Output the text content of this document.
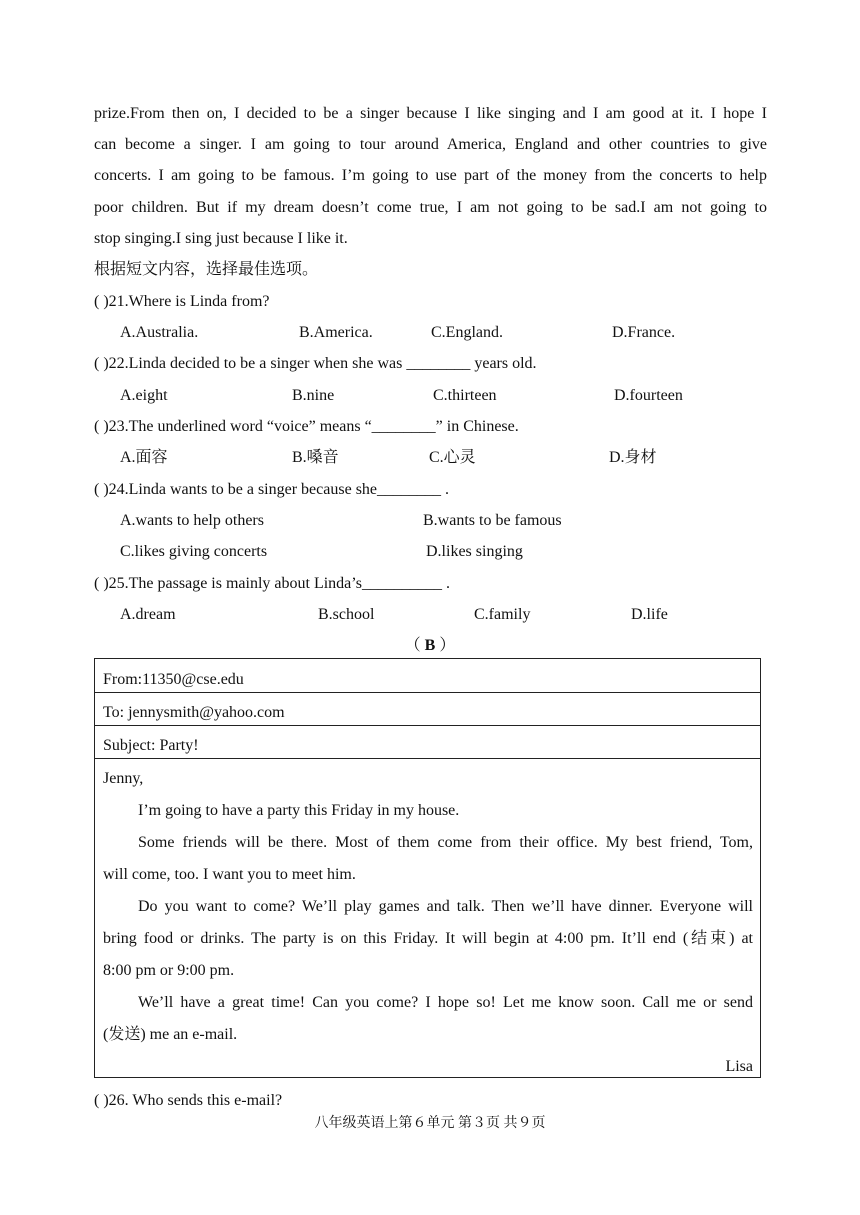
prize.From then on, I decided to be a singer because I like singing and I am good at it. I hope I
can become a singer. I am going to tour around America, England and other countries to give
concerts. I am going to be famous. I’m going to use part of the money from the concerts to help
poor children. But if my dream doesn’t come true, I am not going to be sad.I am not going to
stop singing.I sing just because I like it.
根据短文内容，选择最佳选项。
( )21.Where is Linda from?
A.Australia.	B.America.	C.England.	D.France.
( )22.Linda decided to be a singer when she was ________ years old.
A.eight	B.nine	C.thirteen	D.fourteen
( )23.The underlined word “voice” means “________” in Chinese.
A.面容	B.嗓音	C.心灵	D.身材
( )24.Linda wants to be a singer because she________ .
A.wants to help others	B.wants to be famous
C.likes giving concerts	D.likes singing
( )25.The passage is mainly about Linda’s__________ .
A.dream	B.school	C.family	D.life
（ B ）
From:11350@cse.edu
To: jennysmith@yahoo.com
Subject: Party!
Jenny,
I’m going to have a party this Friday in my house.
Some friends will be there. Most of them come from their office. My best friend, Tom,
will come, too. I want you to meet him.
Do you want to come? We’ll play games and talk. Then we’ll have dinner. Everyone will
bring food or drinks. The party is on this Friday. It will begin at 4:00 pm. It’ll end (结束) at
8:00 pm or 9:00 pm.
We’ll have a great time! Can you come? I hope so! Let me know soon. Call me or send
(发送) me an e-mail.
Lisa
( )26. Who sends this e-mail?
八年级英语上第６单元 第３页 共９页
